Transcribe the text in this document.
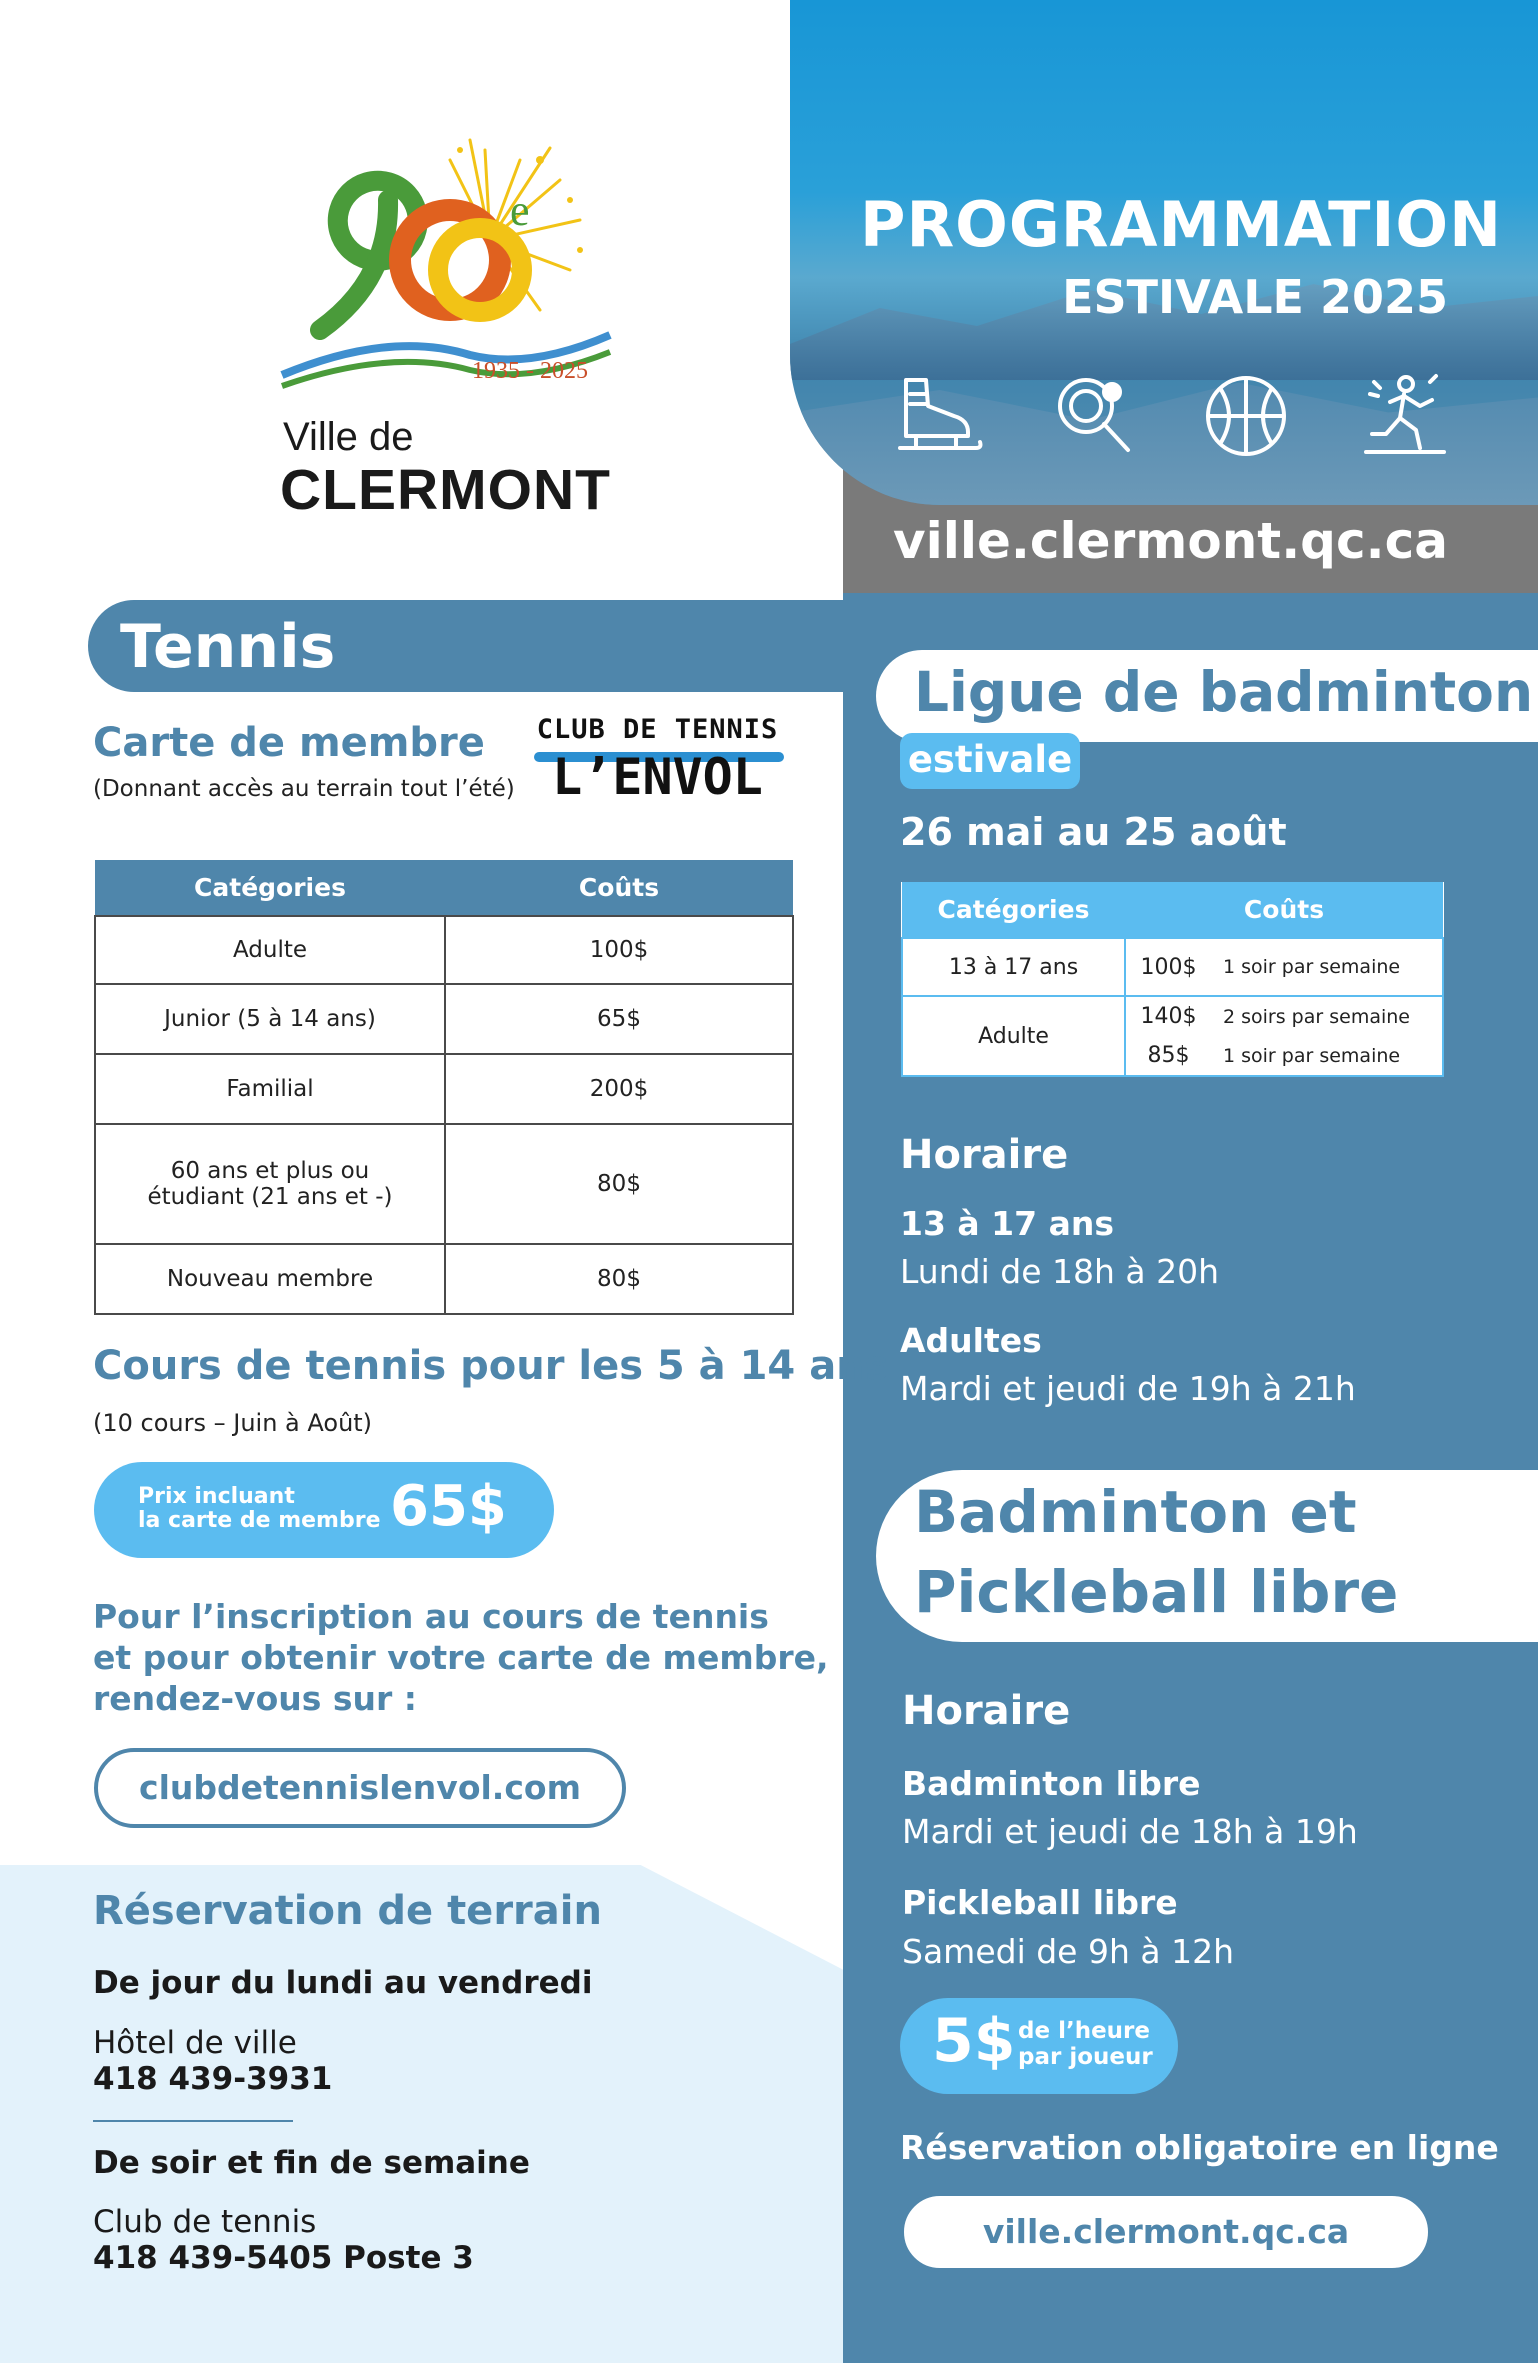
PROGRAMMATION
ESTIVALE 2025
ville.clermont.qc.ca
e
1935 - 2025
Ville de
CLERMONT
Tennis
Carte de membre
(Donnant accès au terrain tout l’été)
CLUB DE TENNIS
L’ENVOL
Catégories	Coûts
Adulte	100$
Junior (5 à 14 ans)	65$
Familial	200$

60 ans et plus ou
étudiant (21 ans et -)	80$
Nouveau membre	80$
Cours de tennis pour les 5 à 14 ans
(10 cours – Juin à Août)
Prix incluant
la carte de membre 65$
Pour l’inscription au cours de tennis
et pour obtenir votre carte de membre,
rendez-vous sur :
clubdetennislenvol.com
Réservation de terrain
De jour du lundi au vendredi
Hôtel de ville
418 439-3931
De soir et fin de semaine
Club de tennis
418 439-5405 Poste 3
Ligue de badminton
estivale
26 mai au 25 août
Catégories	Coûts	
13 à 17 ans	100$	1 soir par semaine
Adulte	140$	2 soirs par semaine
	85$	1 soir par semaine
Horaire
13 à 17 ans
Lundi de 18h à 20h
Adultes
Mardi et jeudi de 19h à 21h
Badminton et
Pickleball libre
Horaire
Badminton libre
Mardi et jeudi de 18h à 19h
Pickleball libre
Samedi de 9h à 12h
5$ de l’heure
par joueur
Réservation obligatoire en ligne
ville.clermont.qc.ca
